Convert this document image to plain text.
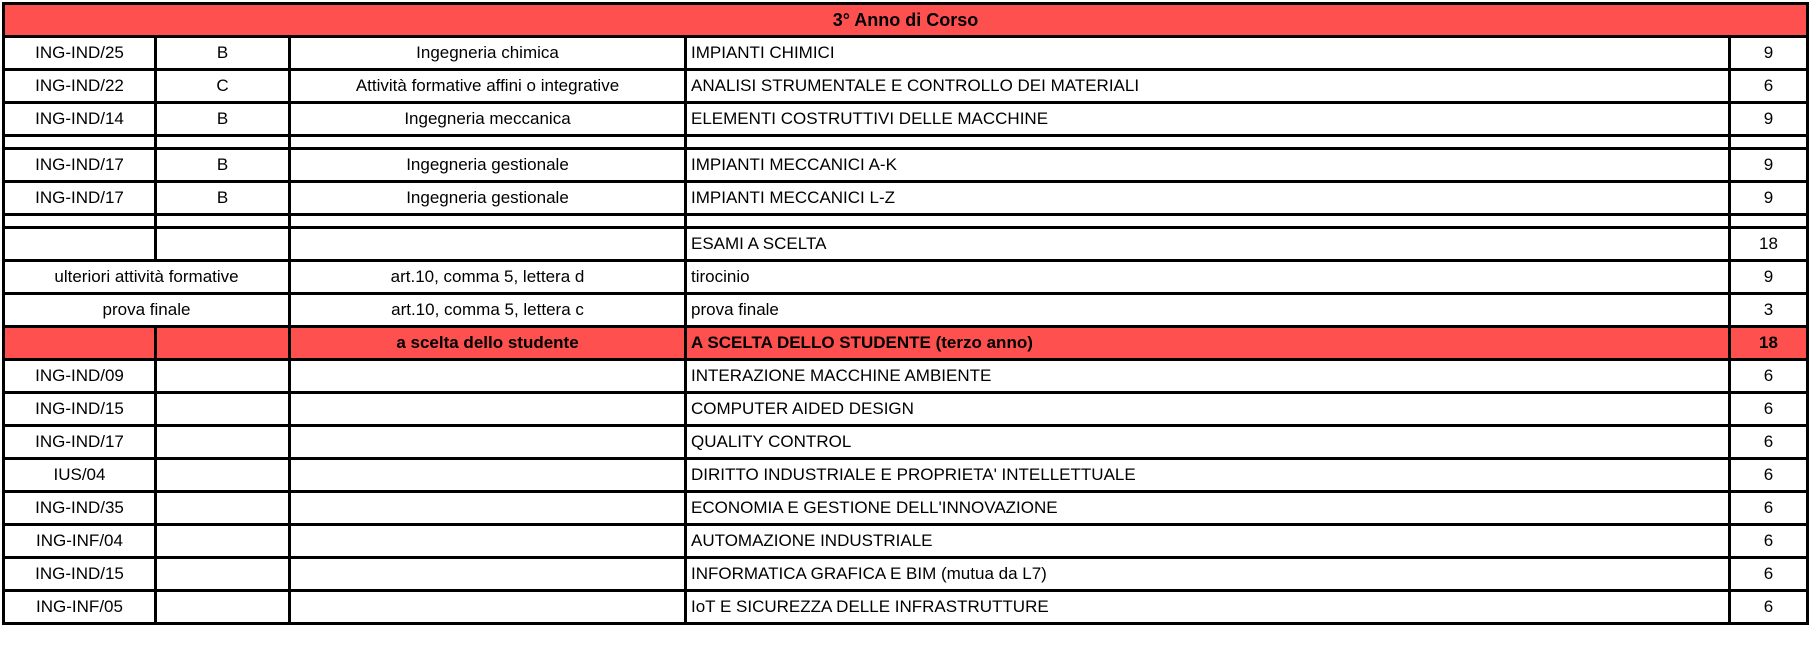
3° Anno di Corso				
ING-IND/25	B	Ingegneria chimica	IMPIANTI CHIMICI	9
ING-IND/22	C	Attività formative affini o integrative	ANALISI STRUMENTALE E CONTROLLO DEI MATERIALI	6
ING-IND/14	B	Ingegneria meccanica	ELEMENTI COSTRUTTIVI DELLE MACCHINE	9

ING-IND/17	B	Ingegneria gestionale	IMPIANTI MECCANICI A-K	9
ING-IND/17	B	Ingegneria gestionale	IMPIANTI MECCANICI L-Z	9

			ESAMI A SCELTA	18
ulteriori attività formative		art.10, comma 5, lettera d	tirocinio	9
prova finale		art.10, comma 5, lettera c	prova finale	3
		a scelta dello studente	A SCELTA DELLO STUDENTE (terzo anno)	18
ING-IND/09			INTERAZIONE MACCHINE AMBIENTE	6
ING-IND/15			COMPUTER AIDED DESIGN	6
ING-IND/17			QUALITY CONTROL	6
IUS/04			DIRITTO INDUSTRIALE E PROPRIETA' INTELLETTUALE	6
ING-IND/35			ECONOMIA E GESTIONE DELL'INNOVAZIONE	6
ING-INF/04			AUTOMAZIONE INDUSTRIALE	6
ING-IND/15			INFORMATICA GRAFICA E BIM (mutua da L7)	6
ING-INF/05			IoT E SICUREZZA DELLE INFRASTRUTTURE	6
